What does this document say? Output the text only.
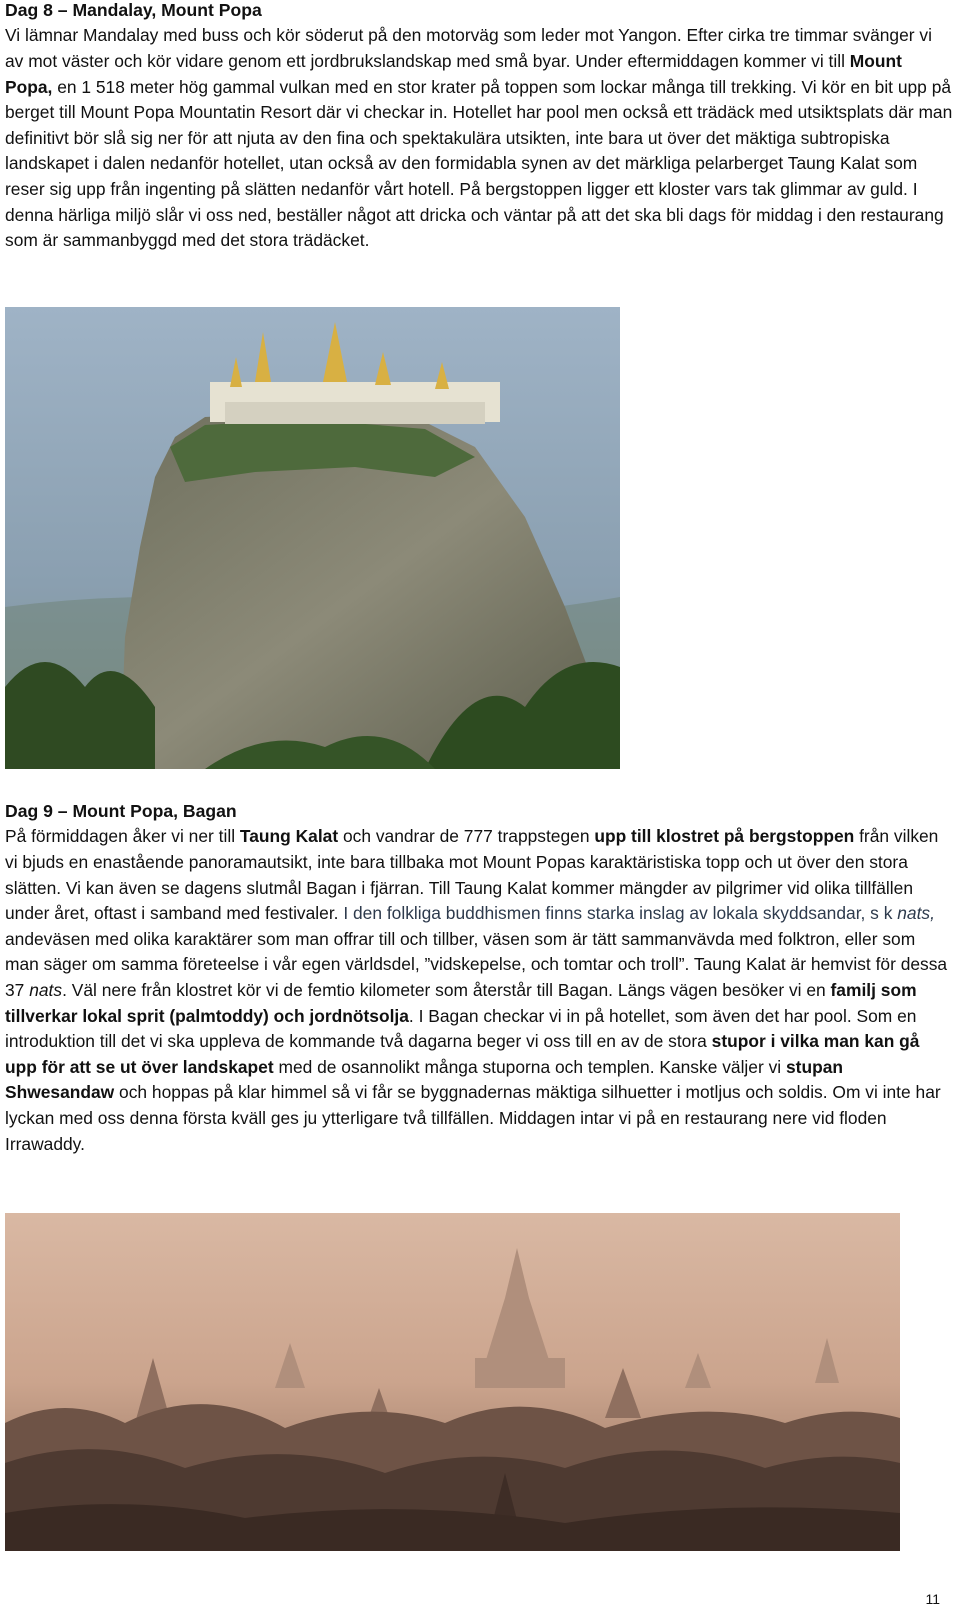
Dag 8 – Mandalay, Mount Popa

Vi lämnar Mandalay med buss och kör söderut på den motorväg som leder mot Yangon. Efter cirka tre timmar svänger vi av mot väster och kör vidare genom ett jordbrukslandskap med små byar. Under eftermiddagen kommer vi till Mount Popa, en 1 518 meter hög gammal vulkan med en stor krater på toppen som lockar många till trekking. Vi kör en bit upp på berget till Mount Popa Mountatin Resort där vi checkar in. Hotellet har pool men också ett trädäck med utsiktsplats där man definitivt bör slå sig ner för att njuta av den fina och spektakulära utsikten, inte bara ut över det mäktiga subtropiska landskapet i dalen nedanför hotellet, utan också av den formidabla synen av det märkliga pelarberget Taung Kalat som reser sig upp från ingenting på slätten nedanför vårt hotell. På bergstoppen ligger ett kloster vars tak glimmar av guld. I denna härliga miljö slår vi oss ned, beställer något att dricka och väntar på att det ska bli dags för middag i den restaurang som är sammanbyggd med det stora trädäcket.

Dag 9 – Mount Popa, Bagan

På förmiddagen åker vi ner till Taung Kalat och vandrar de 777 trappstegen upp till klostret på bergstoppen från vilken vi bjuds en enastående panoramautsikt, inte bara tillbaka mot Mount Popas karaktäristiska topp och ut över den stora slätten. Vi kan även se dagens slutmål Bagan i fjärran. Till Taung Kalat kommer mängder av pilgrimer vid olika tillfällen under året, oftast i samband med festivaler. I den folkliga buddhismen finns starka inslag av lokala skyddsandar, s k nats, andeväsen med olika karaktärer som man offrar till och tillber, väsen som är tätt sammanvävda med folktron, eller som man säger om samma företeelse i vår egen världsdel, ”vidskepelse, och tomtar och troll”. Taung Kalat är hemvist för dessa 37 nats. Väl nere från klostret kör vi de femtio kilometer som återstår till Bagan. Längs vägen besöker vi en familj som tillverkar lokal sprit (palmtoddy) och jordnötsolja. I Bagan checkar vi in på hotellet, som även det har pool. Som en introduktion till det vi ska uppleva de kommande två dagarna beger vi oss till en av de stora stupor i vilka man kan gå upp för att se ut över landskapet med de osannolikt många stuporna och templen. Kanske väljer vi stupan Shwesandaw och hoppas på klar himmel så vi får se byggnadernas mäktiga silhuetter i motljus och soldis. Om vi inte har lyckan med oss denna första kväll ges ju ytterligare två tillfällen. Middagen intar vi på en restaurang nere vid floden Irrawaddy.

11
